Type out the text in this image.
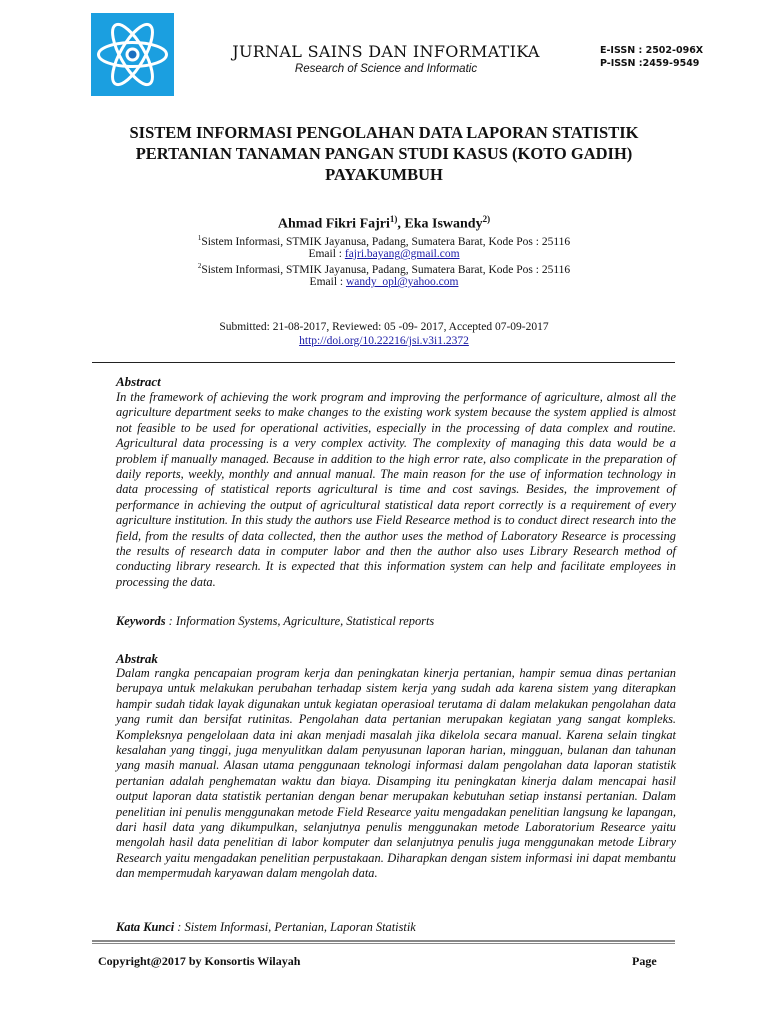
JURNAL SAINS DAN INFORMATIKA
Research of Science and Informatic
E-ISSN : 2502-096X
P-ISSN :2459-9549
SISTEM INFORMASI PENGOLAHAN DATA LAPORAN STATISTIK PERTANIAN TANAMAN PANGAN STUDI KASUS (KOTO GADIH) PAYAKUMBUH
Ahmad Fikri Fajri$^{1)}$, Eka Iswandy$^{2)}$
$^1$Sistem Informasi, STMIK Jayanusa, Padang, Sumatera Barat, Kode Pos : 25116
Email : fajri.bayang@gmail.com
$^2$Sistem Informasi, STMIK Jayanusa, Padang, Sumatera Barat, Kode Pos : 25116
Email : wandy_opl@yahoo.com
Submitted: 21-08-2017, Reviewed: 05 -09- 2017, Accepted 07-09-2017
http://doi.org/10.22216/jsi.v3i1.2372
Abstract
In the framework of achieving the work program and improving the performance of agriculture, almost all the agriculture department seeks to make changes to the existing work system because the system applied is almost not feasible to be used for operational activities, especially in the processing of data complex and routine. Agricultural data processing is a very complex activity. The complexity of managing this data would be a problem if manually managed. Because in addition to the high error rate, also complicate in the preparation of daily reports, weekly, monthly and annual manual. The main reason for the use of information technology in data processing of statistical reports agricultural is time and cost savings. Besides, the improvement of performance in achieving the output of agricultural statistical data report correctly is a requirement of every agriculture institution. In this study the authors use Field Researce method is to conduct direct research into the field, from the results of data collected, then the author uses the method of Laboratory Researce is processing the results of research data in computer labor and then the author also uses Library Research method of conducting library research. It is expected that this information system can help and facilitate employees in processing the data.
Keywords : Information Systems, Agriculture, Statistical reports
Abstrak
Dalam rangka pencapaian program kerja dan peningkatan kinerja pertanian, hampir semua dinas pertanian berupaya untuk melakukan perubahan terhadap sistem kerja yang sudah ada karena sistem yang diterapkan hampir sudah tidak layak digunakan untuk kegiatan operasioal terutama di dalam melakukan pengolahan data yang rumit dan bersifat rutinitas. Pengolahan data pertanian merupakan kegiatan yang sangat kompleks. Kompleksnya pengelolaan data ini akan menjadi masalah jika dikelola secara manual. Karena selain tingkat kesalahan yang tinggi, juga menyulitkan dalam penyusunan laporan harian, mingguan, bulanan dan tahunan yang masih manual. Alasan utama penggunaan teknologi informasi dalam pengolahan data laporan statistik pertanian adalah penghematan waktu dan biaya. Disamping itu peningkatan kinerja dalam mencapai hasil output laporan data statistik pertanian dengan benar merupakan kebutuhan setiap instansi pertanian. Dalam penelitian ini penulis menggunakan metode Field Researce yaitu mengadakan penelitian langsung ke lapangan, dari hasil data yang dikumpulkan, selanjutnya penulis menggunakan metode Laboratorium Researce yaitu mengolah hasil data penelitian di labor komputer dan selanjutnya penulis juga menggunakan metode Library Research yaitu mengadakan penelitian perpustakaan. Diharapkan dengan sistem informasi ini dapat membantu dan mempermudah karyawan dalam mengolah data.
Kata Kunci : Sistem Informasi, Pertanian, Laporan Statistik
Copyright@2017 by Konsortis Wilayah	Page
